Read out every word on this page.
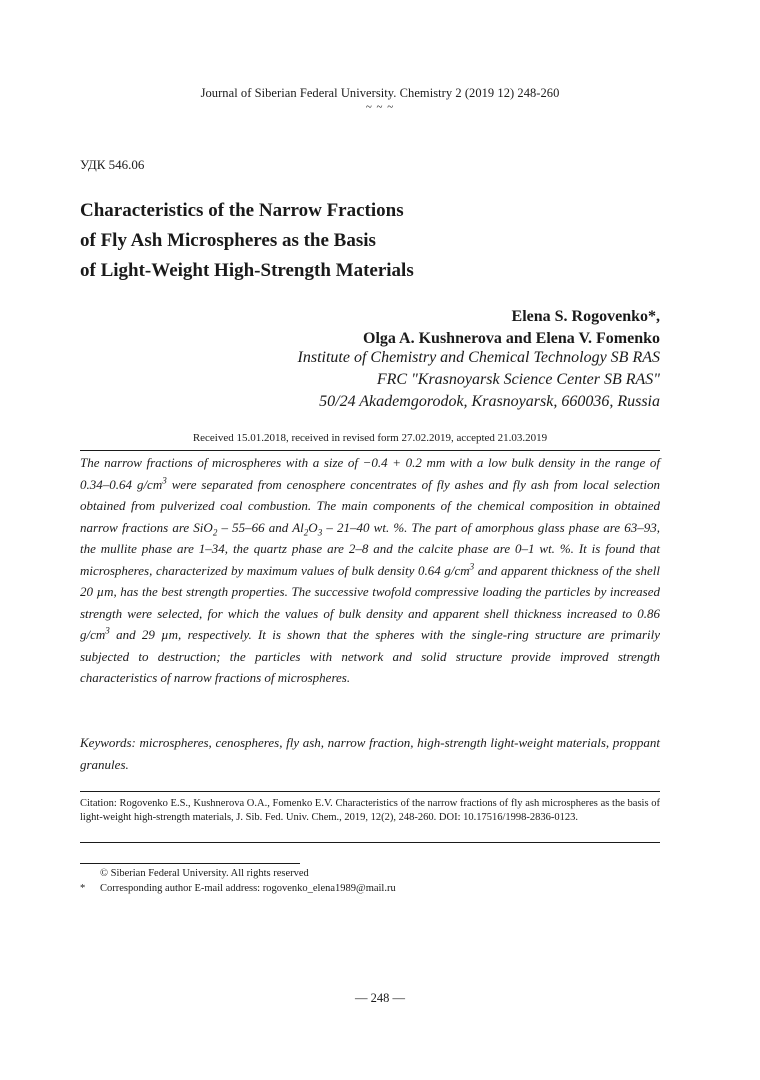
Journal of Siberian Federal University. Chemistry 2 (2019 12) 248-260
~ ~ ~
УДК 546.06
Characteristics of the Narrow Fractions
of Fly Ash Microspheres as the Basis
of Light-Weight High-Strength Materials
Elena S. Rogovenko*,
Olga A. Kushnerova and Elena V. Fomenko
Institute of Chemistry and Chemical Technology SB RAS
FRC "Krasnoyarsk Science Center SB RAS"
50/24 Akademgorodok, Krasnoyarsk, 660036, Russia
Received 15.01.2018, received in revised form 27.02.2019, accepted 21.03.2019

The narrow fractions of microspheres with a size of −0.4 + 0.2 mm with a low bulk density in the range of 0.34–0.64 $g/cm^3$ were separated from cenosphere concentrates of fly ashes and fly ash from local selection obtained from pulverized coal combustion. The main components of the chemical composition in obtained narrow fractions are SiO$_2$ – 55–66 and $Al_2O_3 - 21-40$ wt. %. The part of amorphous glass phase are 63–93, the mullite phase are 1–34, the quartz phase are 2–8 and the calcite phase are 0–1 wt. %. It is found that microspheres, characterized by maximum values of bulk density 0.64 $g/cm^3$ and apparent thickness of the shell 20 µm, has the best strength properties. The successive twofold compressive loading the particles by increased strength were selected, for which the values of bulk density and apparent shell thickness increased to 0.86 $g/cm^3$ and 29 µm, respectively. It is shown that the spheres with the single-ring structure are primarily subjected to destruction; the particles with network and solid structure provide improved strength characteristics of narrow fractions of microspheres.

Keywords: microspheres, cenospheres, fly ash, narrow fraction, high-strength light-weight materials, proppant granules.

Citation: Rogovenko E.S., Kushnerova O.A., Fomenko E.V. Characteristics of the narrow fractions of fly ash microspheres as the basis of light-weight high-strength materials, J. Sib. Fed. Univ. Chem., 2019, 12(2), 248-260. DOI: 10.17516/1998-2836-0123.

© Siberian Federal University. All rights reserved
* Corresponding author E-mail address: rogovenko_elena1989@mail.ru
— 248 —
